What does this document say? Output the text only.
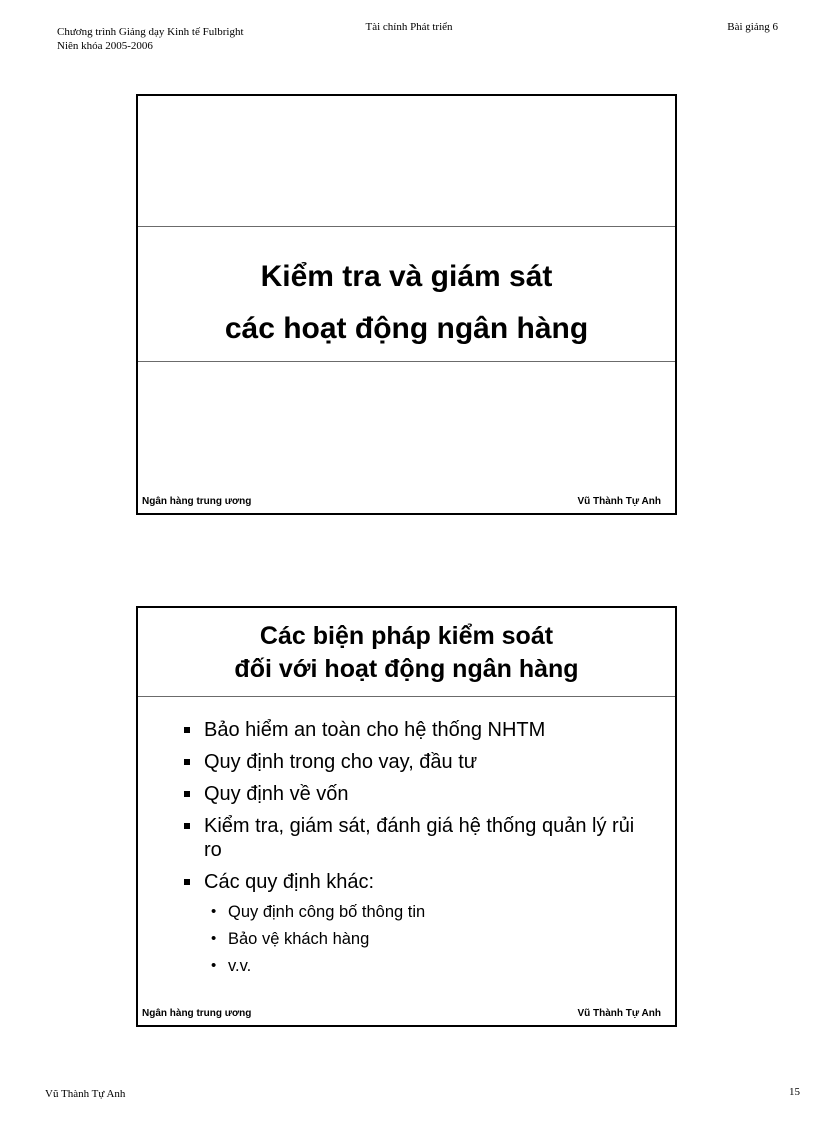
Chương trình Giảng dạy Kinh tế Fulbright
Niên khóa 2005-2006
Tài chính Phát triển	Bài giảng 6
Kiểm tra và giám sát
các hoạt động ngân hàng
Ngân hàng trung ương	Vũ Thành Tự Anh
Các biện pháp kiểm soát
đối với hoạt động ngân hàng
Bảo hiểm an toàn cho hệ thống NHTM
Quy định trong cho vay, đầu tư
Quy định về vốn
Kiểm tra, giám sát, đánh giá hệ thống quản lý rủi ro
Các quy định khác:
• Quy định công bố thông tin
• Bảo vệ khách hàng
• v.v.
Ngân hàng trung ương	Vũ Thành Tự Anh
Vũ Thành Tự Anh	15
